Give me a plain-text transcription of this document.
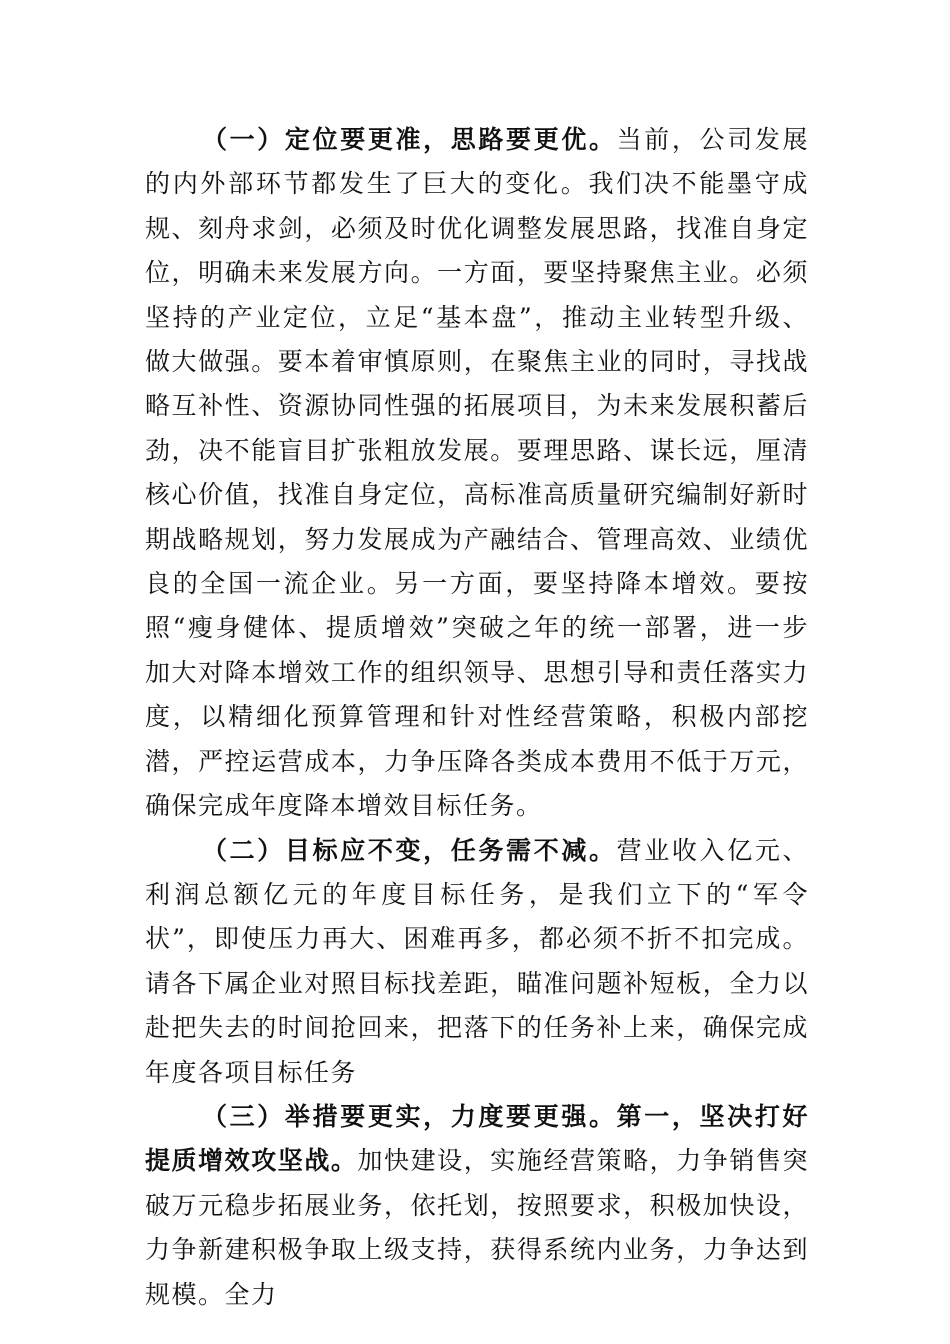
（一）定位要更准，思路要更优。当前，公司发展的内外部环节都发生了巨大的变化。我们决不能墨守成规、刻舟求剑，必须及时优化调整发展思路，找准自身定位，明确未来发展方向。一方面，要坚持聚焦主业。必须坚持的产业定位，立足“基本盘”，推动主业转型升级、做大做强。要本着审慎原则，在聚焦主业的同时，寻找战略互补性、资源协同性强的拓展项目，为未来发展积蓄后劲，决不能盲目扩张粗放发展。要理思路、谋长远，厘清核心价值，找准自身定位，高标准高质量研究编制好新时期战略规划，努力发展成为产融结合、管理高效、业绩优良的全国一流企业。另一方面，要坚持降本增效。要按照“瘦身健体、提质增效”突破之年的统一部署，进一步加大对降本增效工作的组织领导、思想引导和责任落实力度，以精细化预算管理和针对性经营策略，积极内部挖潜，严控运营成本，力争压降各类成本费用不低于万元，确保完成年度降本增效目标任务。

（二）目标应不变，任务需不减。营业收入亿元、利润总额亿元的年度目标任务，是我们立下的“军令状”，即使压力再大、困难再多，都必须不折不扣完成。请各下属企业对照目标找差距，瞄准问题补短板，全力以赴把失去的时间抢回来，把落下的任务补上来，确保完成年度各项目标任务

（三）举措要更实，力度要更强。第一，坚决打好提质增效攻坚战。加快建设，实施经营策略，力争销售突破万元稳步拓展业务，依托划，按照要求，积极加快设，力争新建积极争取上级支持，获得系统内业务，力争达到规模。全力
